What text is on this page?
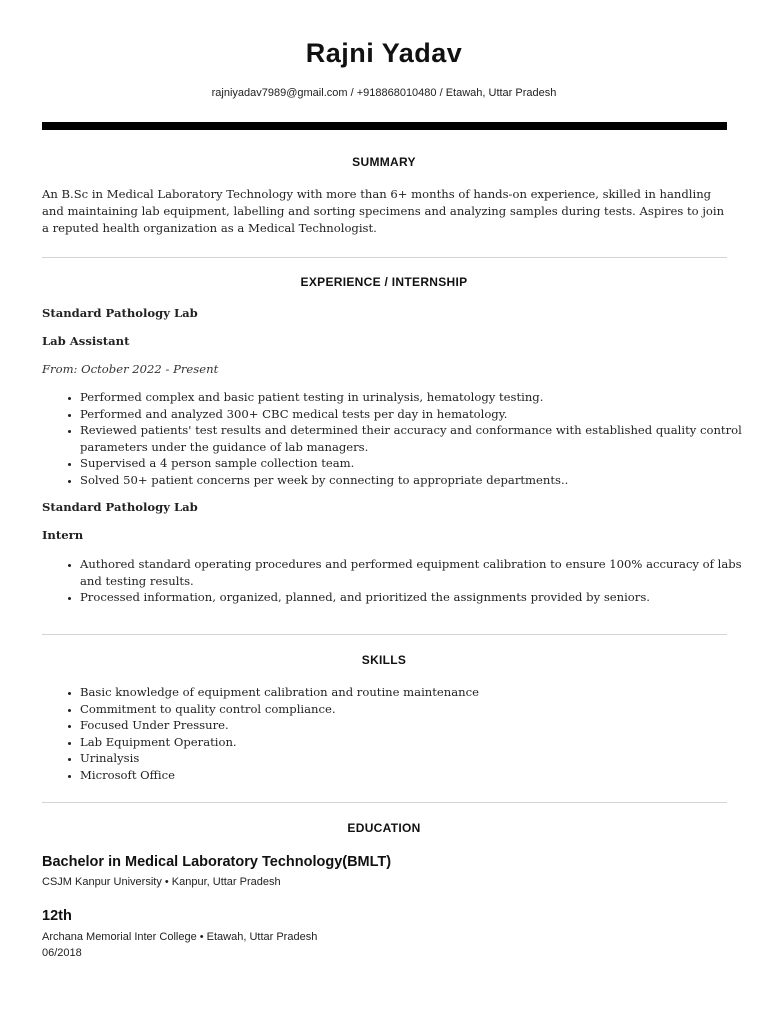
Rajni Yadav
rajniyadav7989@gmail.com / +918868010480 / Etawah, Uttar Pradesh
SUMMARY
An B.Sc in Medical Laboratory Technology with more than 6+ months of hands-on experience, skilled in handling and maintaining lab equipment, labelling and sorting specimens and analyzing samples during tests. Aspires to join a reputed health organization as a Medical Technologist.
EXPERIENCE / INTERNSHIP
Standard Pathology Lab
Lab Assistant
From: October 2022 - Present
• Performed complex and basic patient testing in urinalysis, hematology testing.
• Performed and analyzed 300+ CBC medical tests per day in hematology.
• Reviewed patients' test results and determined their accuracy and conformance with established quality control parameters under the guidance of lab managers.
• Supervised a 4 person sample collection team.
• Solved 50+ patient concerns per week by connecting to appropriate departments..
Standard Pathology Lab
Intern
• Authored standard operating procedures and performed equipment calibration to ensure 100% accuracy of labs and testing results.
• Processed information, organized, planned, and prioritized the assignments provided by seniors.
SKILLS
• Basic knowledge of equipment calibration and routine maintenance
• Commitment to quality control compliance.
• Focused Under Pressure.
• Lab Equipment Operation.
• Urinalysis
• Microsoft Office
EDUCATION
Bachelor in Medical Laboratory Technology(BMLT)
CSJM Kanpur University • Kanpur, Uttar Pradesh
12th
Archana Memorial Inter College • Etawah, Uttar Pradesh
06/2018
